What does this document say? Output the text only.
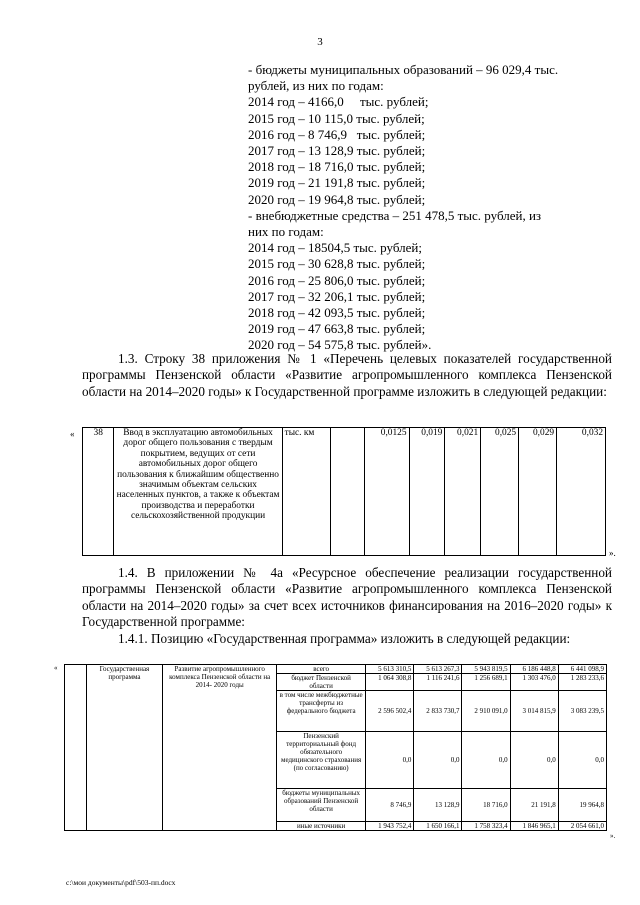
3

- бюджеты муниципальных образований – 96 029,4 тыс.

рублей, из них по годам:

2014 год – 4166,0     тыс. рублей;

2015 год – 10 115,0 тыс. рублей;

2016 год – 8 746,9   тыс. рублей;

2017 год – 13 128,9 тыс. рублей;

2018 год – 18 716,0 тыс. рублей;

2019 год – 21 191,8 тыс. рублей;

2020 год – 19 964,8 тыс. рублей;

- внебюджетные средства – 251 478,5 тыс. рублей, из

них по годам:

2014 год – 18504,5 тыс. рублей;

2015 год – 30 628,8 тыс. рублей;

2016 год – 25 806,0 тыс. рублей;

2017 год – 32 206,1 тыс. рублей;

2018 год – 42 093,5 тыс. рублей;

2019 год – 47 663,8 тыс. рублей;

2020 год – 54 575,8 тыс. рублей».

1.3. Строку 38 приложения № 1 «Перечень целевых показателей государственной программы Пензенской области «Развитие агропромышленного комплекса Пензенской области на 2014–2020 годы» к Государственной программе изложить в следующей редакции:

« 38	Ввод в эксплуатацию автомобильных дорог общего пользования с твердым покрытием, ведущих от сети автомобильных дорог общего пользования к ближайшим общественно значимым объектам сельских населенных пунктов, а также к объектам производства и переработки сельскохозяйственной продукции	тыс. км		0,0125	0,019	0,021	0,025	0,029	0,032
».

1.4. В приложении № 4а «Ресурсное обеспечение реализации государственной программы Пензенской области «Развитие агропромышленного комплекса Пензенской области на 2014–2020 годы» за счет всех источников финансирования на 2016–2020 годы» к Государственной программе:

1.4.1. Позицию «Государственная программа» изложить в следующей редакции:

«
		Государственная программа	Развитие агропромышленного комплекса Пензенской области на 2014- 2020 годы	всего	5 613 310,5	5 613 267,3	5 943 819,5	6 186 448,8	6 441 098,9
			бюджет Пензенской области	1 064 308,8	1 116 241,6	1 256 689,1	1 303 476,0	1 283 233,6
			в том числе межбюджетные трансферты из федерального бюджета	2 596 502,4	2 833 730,7	2 910 091,0	3 014 815,9	3 083 239,5
			Пензенский территориальный фонд обязательного медицинского страхования (по согласованию)	0,0	0,0	0,0	0,0	0,0
			бюджеты муниципальных образований Пензенской области	8 746,9	13 128,9	18 716,0	21 191,8	19 964,8
			иные источники	1 943 752,4	1 650 166,1	1 758 323,4	1 846 965,1	2 054 661,0
».
c:\мои документы\pdf\503-пп.docx
